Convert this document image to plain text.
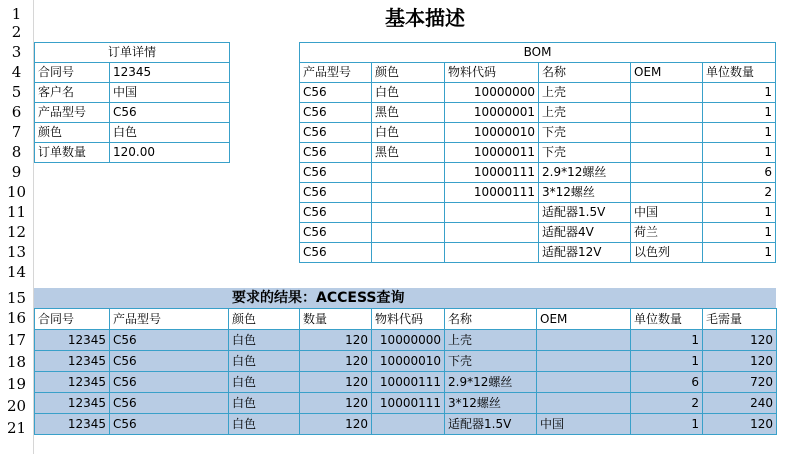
1
2
3
4
5
6
7
8
9
10
11
12
13
14
15
16
17
18
19
20
21
基本描述
订单详情	
合同号	12345
客户名	中国
产品型号	C56
颜色	白色
订单数量	120.00
BOM					
产品型号	颜色	物料代码	名称	OEM	单位数量
C56	白色	10000000	上壳		1
C56	黑色	10000001	上壳		1
C56	白色	10000010	下壳		1
C56	黑色	10000011	下壳		1
C56		10000111	2.9*12螺丝		6
C56		10000111	3*12螺丝		2
C56			适配器1.5V	中国	1
C56			适配器4V	荷兰	1
C56			适配器12V	以色列	1
要求的结果：ACCESS查询
合同号	产品型号	颜色	数量	物料代码	名称	OEM	单位数量	毛需量
12345	C56	白色	120	10000000	上壳		1	120
12345	C56	白色	120	10000010	下壳		1	120
12345	C56	白色	120	10000111	2.9*12螺丝		6	720
12345	C56	白色	120	10000111	3*12螺丝		2	240
12345	C56	白色	120		适配器1.5V	中国	1	120
